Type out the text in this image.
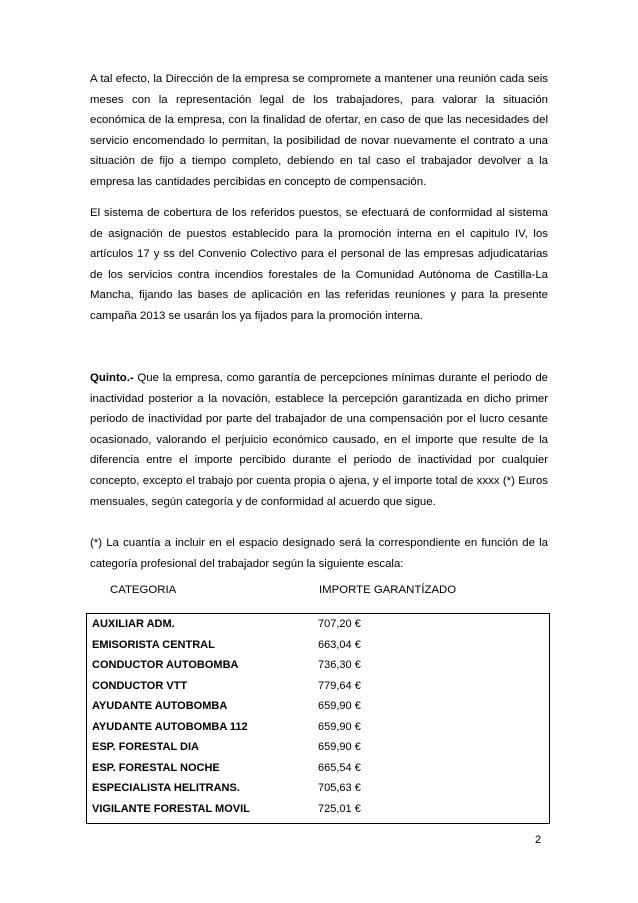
A tal efecto, la Dirección de la empresa se compromete a mantener una reunión cada seis meses con la representación legal de los trabajadores, para valorar la situación económica de la empresa, con la finalidad de ofertar, en caso de que las necesidades del servicio encomendado lo permitan, la posibilidad de novar nuevamente el contrato a una situación de fijo a tiempo completo, debiendo en tal caso el trabajador devolver a la empresa las cantidades percibidas en concepto de compensación.

El sistema de cobertura de los referidos puestos, se efectuará de conformidad al sistema de asignación de puestos establecido para la promoción interna en el capitulo IV, los artículos 17 y ss del Convenio Colectivo para el personal de las empresas adjudicatarias de los servicios contra incendios forestales de la Comunidad Autónoma de Castilla-La Mancha, fijando las bases de aplicación en las referidas reuniones y para la presente campaña 2013 se usarán los ya fijados para la promoción interna.

Quinto.- Que la empresa, como garantía de percepciones mínimas durante el periodo de inactividad posterior a la novación, establece la percepción garantizada en dicho primer periodo de inactividad por parte del trabajador de una compensación por el lucro cesante ocasionado, valorando el perjuicio económico causado, en el importe que resulte de la diferencia entre el importe percibido durante el periodo de inactividad por cualquier concepto, excepto el trabajo por cuenta propia o ajena, y el importe total de xxxx (*) Euros mensuales, según categoría y de conformidad al acuerdo que sigue.

(*) La cuantía a incluir en el espacio designado será la correspondiente en función de la categoría profesional del trabajador según la siguiente escala:

CATEGORIA	IMPORTE GARANTÍZADO
AUXILIAR ADM.	707,20 €
EMISORISTA CENTRAL	663,04 €
CONDUCTOR AUTOBOMBA	736,30 €
CONDUCTOR VTT	779,64 €
AYUDANTE AUTOBOMBA	659,90 €
AYUDANTE AUTOBOMBA 112	659,90 €
ESP. FORESTAL DIA	659,90 €
ESP. FORESTAL NOCHE	665,54 €
ESPECIALISTA HELITRANS.	705,63 €
VIGILANTE FORESTAL MOVIL	725,01 €
2
